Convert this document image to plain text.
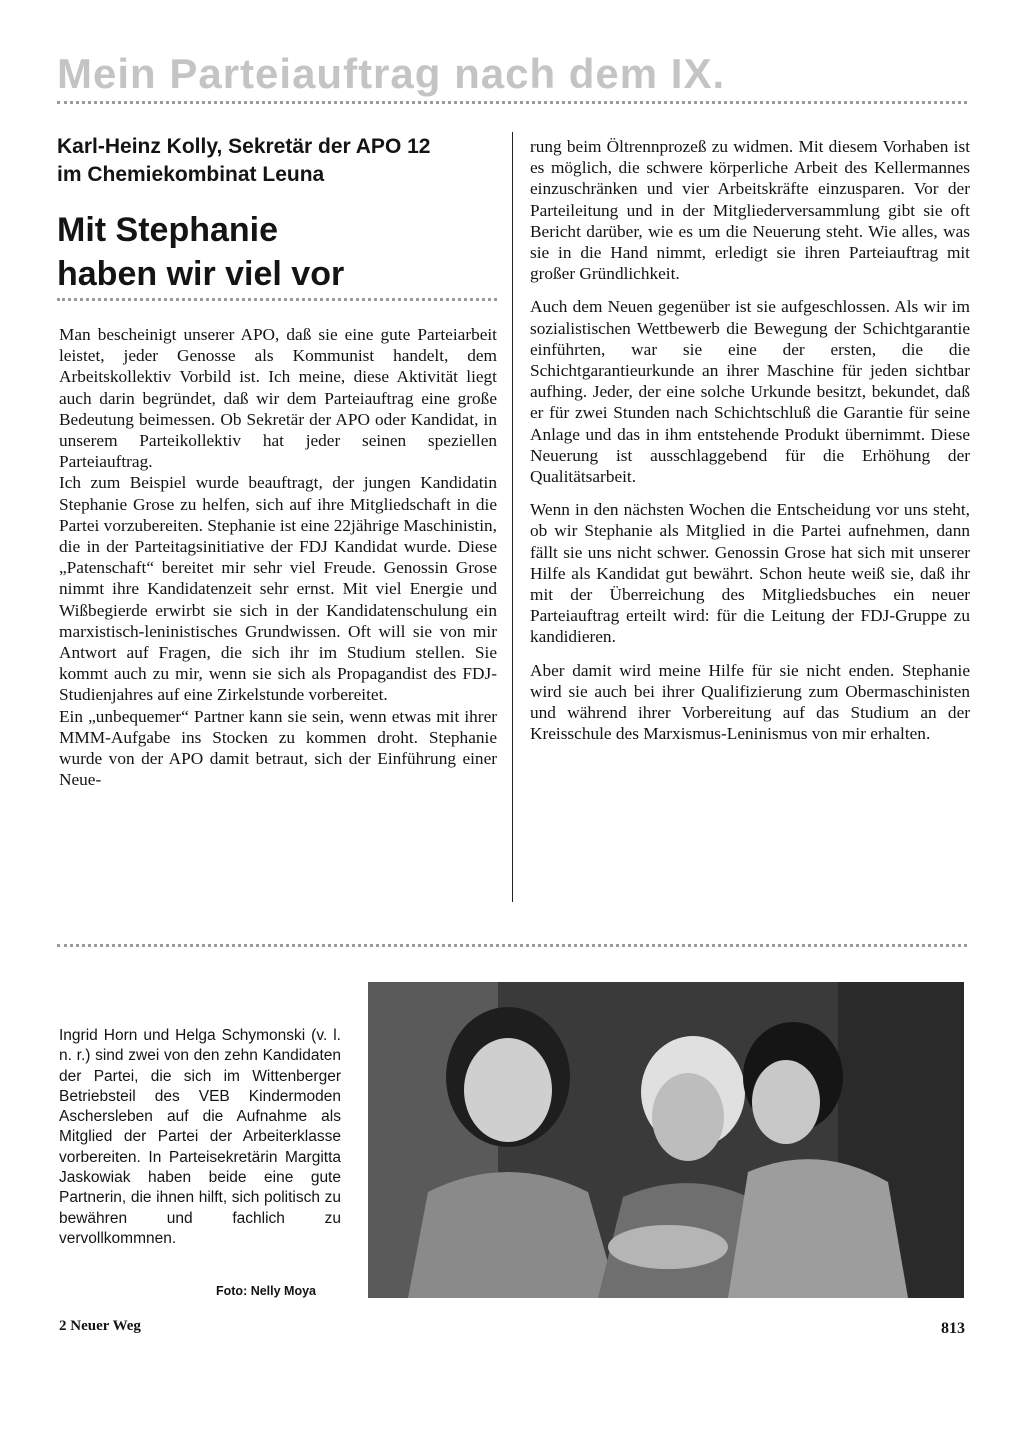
Mein Parteiauftrag nach dem IX.
Karl-Heinz Kolly, Sekretär der APO 12
im Chemiekombinat Leuna
Mit Stephanie
haben wir viel vor

Man bescheinigt unserer APO, daß sie eine gute Parteiarbeit leistet, jeder Genosse als Kommunist handelt, dem Arbeitskollektiv Vorbild ist. Ich meine, diese Aktivität liegt auch darin begründet, daß wir dem Parteiauftrag eine große Bedeutung beimessen. Ob Sekretär der APO oder Kandidat, in unserem Parteikollektiv hat jeder seinen speziellen Parteiauftrag.

Ich zum Beispiel wurde beauftragt, der jungen Kandidatin Stephanie Grose zu helfen, sich auf ihre Mitgliedschaft in die Partei vorzubereiten. Stephanie ist eine 22jährige Maschinistin, die in der Parteitagsinitiative der FDJ Kandidat wurde. Diese „Patenschaft“ bereitet mir sehr viel Freude. Genossin Grose nimmt ihre Kandidatenzeit sehr ernst. Mit viel Energie und Wißbegierde erwirbt sie sich in der Kandidatenschulung ein marxistisch-leninistisches Grundwissen. Oft will sie von mir Antwort auf Fragen, die sich ihr im Studium stellen. Sie kommt auch zu mir, wenn sie sich als Propagandist des FDJ-Studienjahres auf eine Zirkelstunde vorbereitet.

Ein „unbequemer“ Partner kann sie sein, wenn etwas mit ihrer MMM-Aufgabe ins Stocken zu kommen droht. Stephanie wurde von der APO damit betraut, sich der Einführung einer Neue-

rung beim Öltrennprozeß zu widmen. Mit diesem Vorhaben ist es möglich, die schwere körperliche Arbeit des Kellermannes einzuschränken und vier Arbeitskräfte einzusparen. Vor der Parteileitung und in der Mitgliederversammlung gibt sie oft Bericht darüber, wie es um die Neuerung steht. Wie alles, was sie in die Hand nimmt, erledigt sie ihren Parteiauftrag mit großer Gründlichkeit.

Auch dem Neuen gegenüber ist sie aufgeschlossen. Als wir im sozialistischen Wettbewerb die Bewegung der Schichtgarantie einführten, war sie eine der ersten, die die Schichtgarantieurkunde an ihrer Maschine für jeden sichtbar aufhing. Jeder, der eine solche Urkunde besitzt, bekundet, daß er für zwei Stunden nach Schichtschluß die Garantie für seine Anlage und das in ihm entstehende Produkt übernimmt. Diese Neuerung ist ausschlaggebend für die Erhöhung der Qualitätsarbeit.

Wenn in den nächsten Wochen die Entscheidung vor uns steht, ob wir Stephanie als Mitglied in die Partei aufnehmen, dann fällt sie uns nicht schwer. Genossin Grose hat sich mit unserer Hilfe als Kandidat gut bewährt. Schon heute weiß sie, daß ihr mit der Überreichung des Mitgliedsbuches ein neuer Parteiauftrag erteilt wird: für die Leitung der FDJ-Gruppe zu kandidieren.

Aber damit wird meine Hilfe für sie nicht enden. Stephanie wird sie auch bei ihrer Qualifizierung zum Obermaschinisten und während ihrer Vorbereitung auf das Studium an der Kreisschule des Marxismus-Leninismus von mir erhalten.

Ingrid Horn und Helga Schymonski (v. l. n. r.) sind zwei von den zehn Kandidaten der Partei, die sich im Wittenberger Betriebsteil des VEB Kindermoden Aschersleben auf die Aufnahme als Mitglied der Partei der Arbeiterklasse vorbereiten. In Parteisekretärin Margitta Jaskowiak haben beide eine gute Partnerin, die ihnen hilft, sich politisch zu bewähren und fachlich zu vervollkommnen.
Foto: Nelly Moya
2 Neuer Weg	813
